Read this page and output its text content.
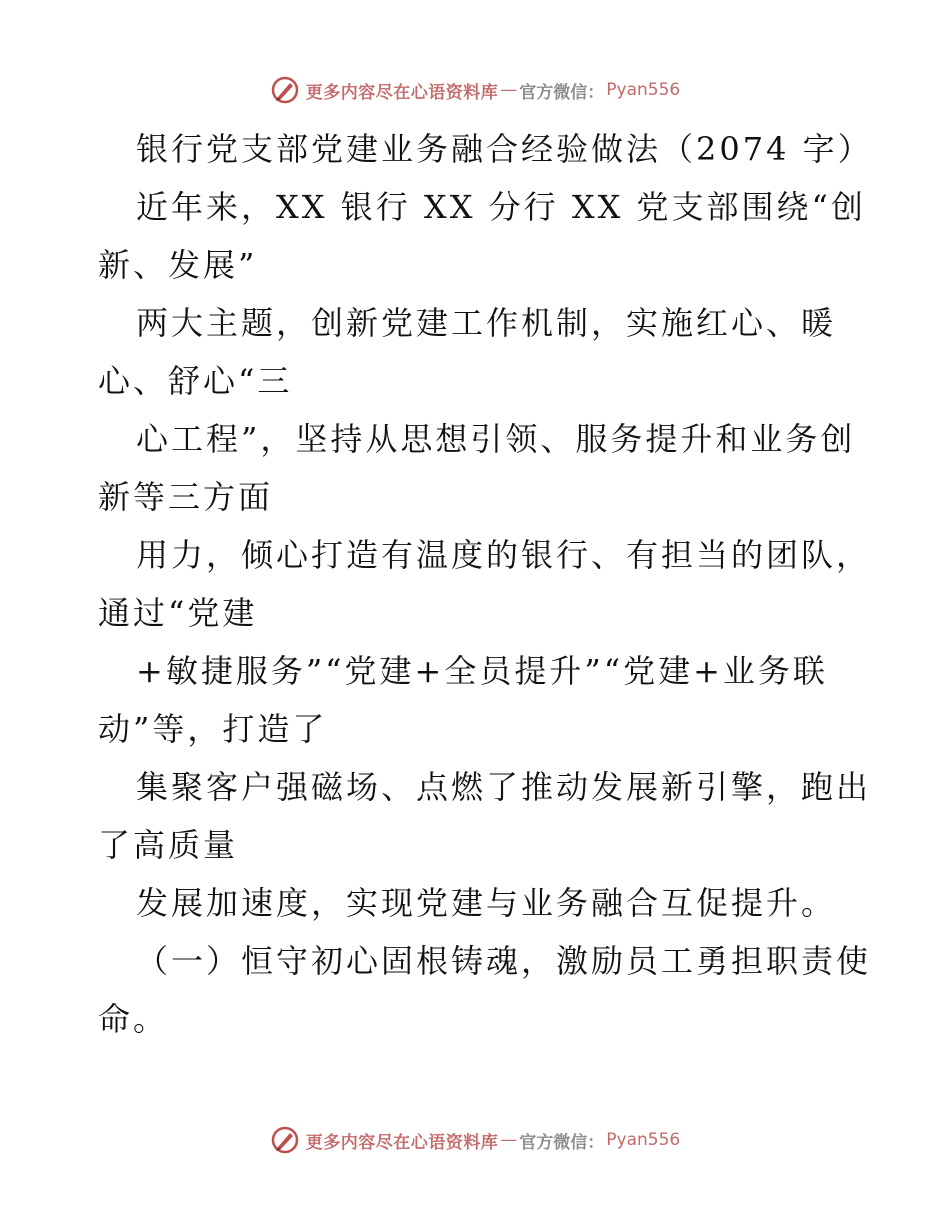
更多内容尽在心语资料库 — 官方微信： Pyan556
银行党支部党建业务融合经验做法（2074 字）
近年来，XX 银行 XX 分行 XX 党支部围绕“创
新、发展”
两大主题，创新党建工作机制，实施红心、暖
心、舒心“三
心工程”，坚持从思想引领、服务提升和业务创
新等三方面
用力，倾心打造有温度的银行、有担当的团队，
通过“党建
+敏捷服务”“党建+全员提升”“党建+业务联
动”等，打造了
集聚客户强磁场、点燃了推动发展新引擎，跑出
了高质量
发展加速度，实现党建与业务融合互促提升。
（一）恒守初心固根铸魂，激励员工勇担职责使
命。
更多内容尽在心语资料库 — 官方微信： Pyan556
